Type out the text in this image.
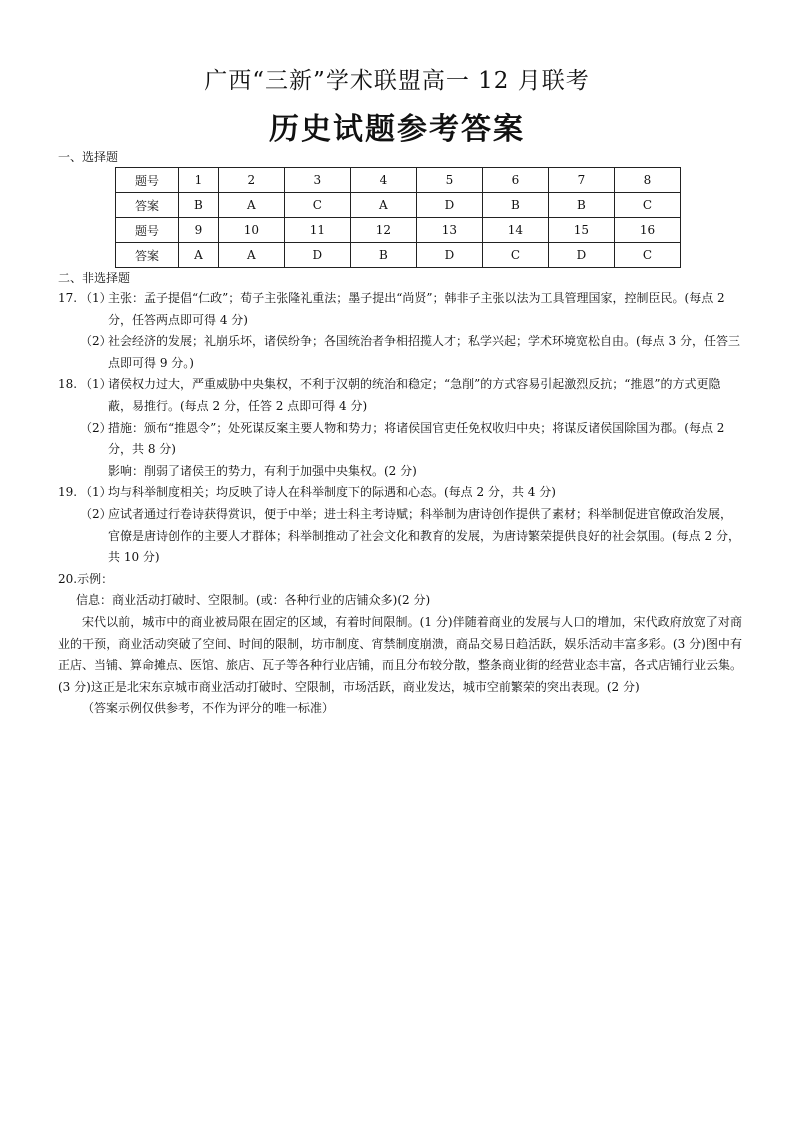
广西“三新”学术联盟高一 12 月联考
历史试题参考答案
一、选择题
题号	1	2	3	4	5	6	7	8
答案	B	A	C	A	D	B	B	C
题号	9	10	11	12	13	14	15	16
答案	A	A	D	B	D	C	D	C
二、非选择题
17. （1）
主张：孟子提倡“仁政”；荀子主张隆礼重法；墨子提出“尚贤”；韩非子主张以法为工具管理国家，控制臣民。(每点 2 分，任答两点即可得 4 分)
（2）
社会经济的发展；礼崩乐坏，诸侯纷争；各国统治者争相招揽人才；私学兴起；学术环境宽松自由。(每点 3 分，任答三点即可得 9 分。)
18. （1）
诸侯权力过大，严重威胁中央集权，不利于汉朝的统治和稳定；“急削”的方式容易引起激烈反抗；“推恩”的方式更隐蔽，易推行。(每点 2 分，任答 2 点即可得 4 分)
（2）
措施：颁布“推恩令”；处死谋反案主要人物和势力；将诸侯国官吏任免权收归中央；将谋反诸侯国除国为郡。(每点 2 分，共 8 分)
影响：削弱了诸侯王的势力，有利于加强中央集权。(2 分)
19. （1）
均与科举制度相关；均反映了诗人在科举制度下的际遇和心态。(每点 2 分，共 4 分)
（2）
应试者通过行卷诗获得赏识，便于中举；进士科主考诗赋；科举制为唐诗创作提供了素材；科举制促进官僚政治发展，官僚是唐诗创作的主要人才群体；科举制推动了社会文化和教育的发展，为唐诗繁荣提供良好的社会氛围。(每点 2 分，共 10 分)
20.示例：
信息：商业活动打破时、空限制。(或：各种行业的店铺众多)(2 分)
宋代以前，城市中的商业被局限在固定的区域，有着时间限制。(1 分)伴随着商业的发展与人口的增加，宋代政府放宽了对商业的干预，商业活动突破了空间、时间的限制，坊市制度、宵禁制度崩溃，商品交易日趋活跃，娱乐活动丰富多彩。(3 分)图中有正店、当铺、算命摊点、医馆、旅店、瓦子等各种行业店铺，而且分布较分散，整条商业街的经营业态丰富，各式店铺行业云集。(3 分)这正是北宋东京城市商业活动打破时、空限制，市场活跃，商业发达，城市空前繁荣的突出表现。(2 分)
（答案示例仅供参考，不作为评分的唯一标准）
